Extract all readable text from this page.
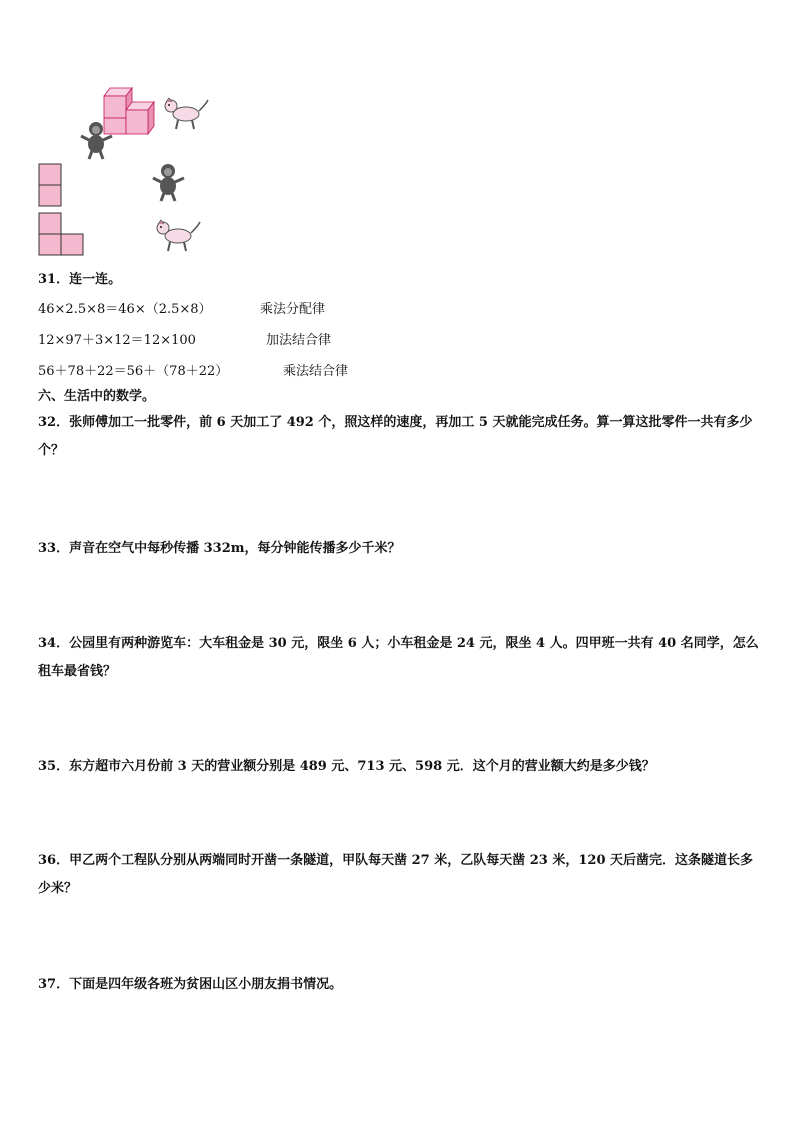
31．连一连。
46×2.5×8＝46×（2.5×8）	乘法分配律
12×97＋3×12＝12×100	加法结合律
56＋78＋22＝56＋（78＋22）	乘法结合律
六、生活中的数学。
32．张师傅加工一批零件，前 6 天加工了 492 个，照这样的速度，再加工 5 天就能完成任务。算一算这批零件一共有多少个？
33．声音在空气中每秒传播 332m，每分钟能传播多少千米？
34．公园里有两种游览车：大车租金是 30 元，限坐 6 人；小车租金是 24 元，限坐 4 人。四甲班一共有 40 名同学，怎么租车最省钱？
35．东方超市六月份前 3 天的营业额分别是 489 元、713 元、598 元．这个月的营业额大约是多少钱？
36．甲乙两个工程队分别从两端同时开凿一条隧道，甲队每天凿 27 米，乙队每天凿 23 米，120 天后凿完．这条隧道长多少米？
37．下面是四年级各班为贫困山区小朋友捐书情况。
